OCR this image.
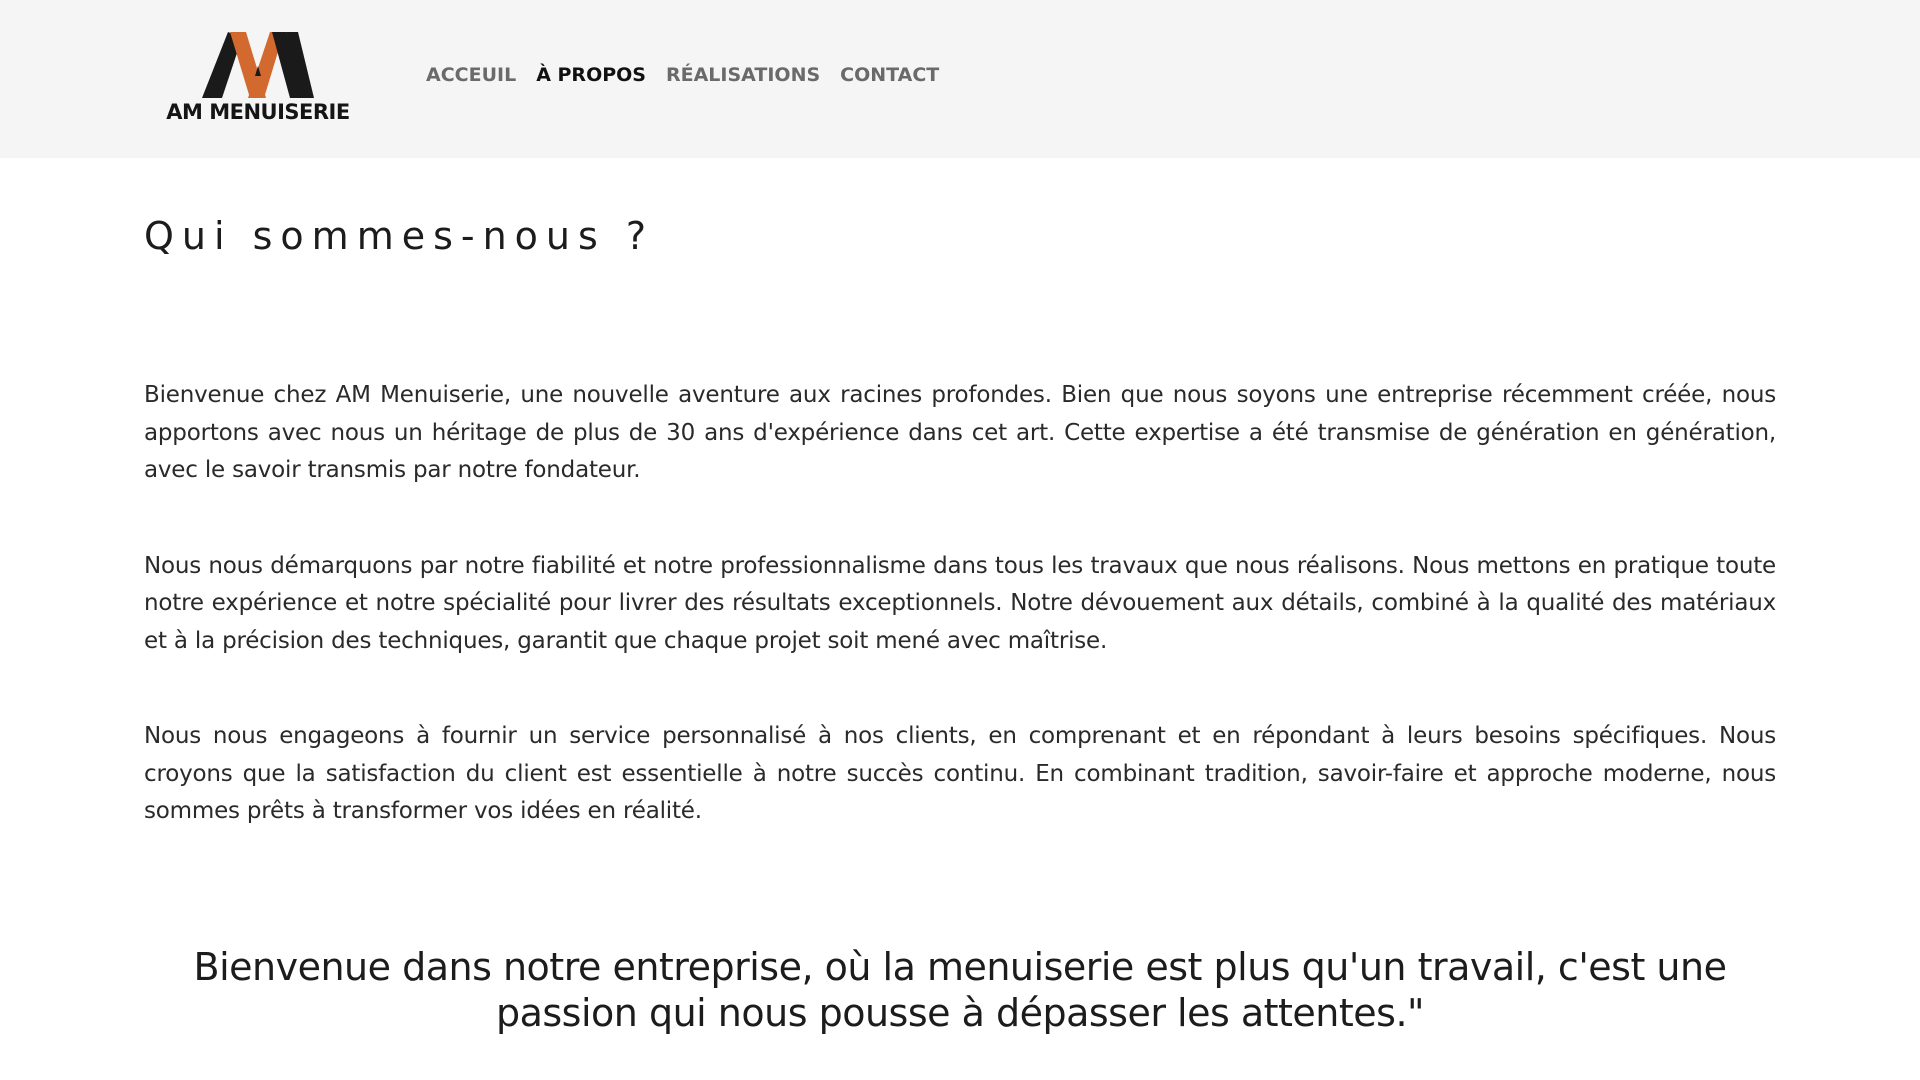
AM MENUISERIE
ACCEUIL À PROPOS RÉALISATIONS CONTACT
Qui sommes-nous ?

Bienvenue chez AM Menuiserie, une nouvelle aventure aux racines profondes. Bien que nous soyons une entreprise récemment créée, nous apportons avec nous un héritage de plus de 30 ans d'expérience dans cet art. Cette expertise a été transmise de génération en génération, avec le savoir transmis par notre fondateur.

Nous nous démarquons par notre fiabilité et notre professionnalisme dans tous les travaux que nous réalisons. Nous mettons en pratique toute notre expérience et notre spécialité pour livrer des résultats exceptionnels. Notre dévouement aux détails, combiné à la qualité des matériaux et à la précision des techniques, garantit que chaque projet soit mené avec maîtrise.

Nous nous engageons à fournir un service personnalisé à nos clients, en comprenant et en répondant à leurs besoins spécifiques. Nous croyons que la satisfaction du client est essentielle à notre succès continu. En combinant tradition, savoir-faire et approche moderne, nous sommes prêts à transformer vos idées en réalité.

Bienvenue dans notre entreprise, où la menuiserie est plus qu'un travail, c'est une passion qui nous pousse à dépasser les attentes."
